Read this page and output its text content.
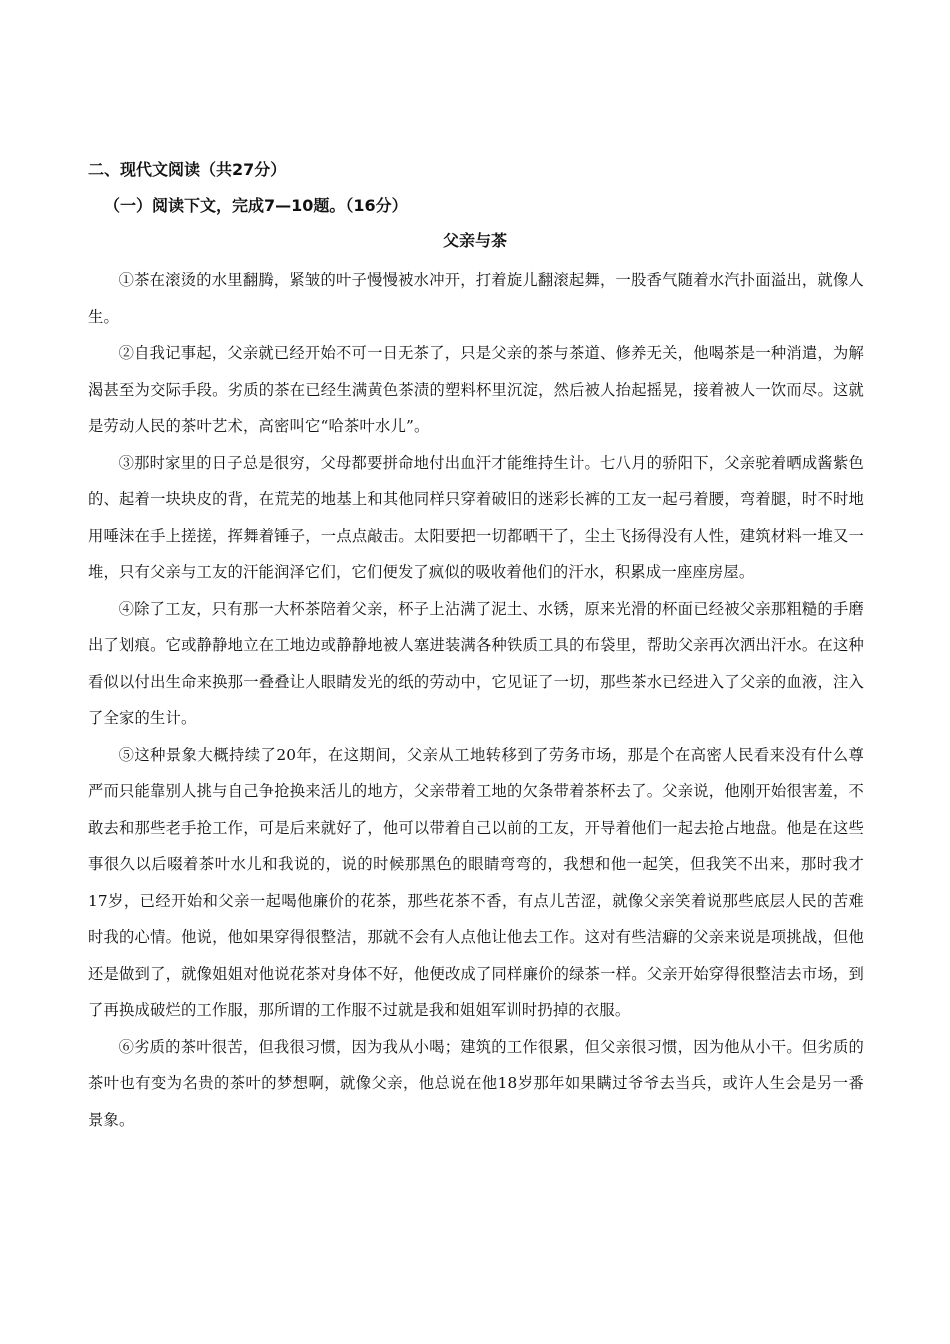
二、现代文阅读（共27分）
（一）阅读下文，完成7—10题。（16分）
父亲与茶

①茶在滚烫的水里翻腾，紧皱的叶子慢慢被水冲开，打着旋儿翻滚起舞，一股香气随着水汽扑面溢出，就像人生。

②自我记事起，父亲就已经开始不可一日无茶了，只是父亲的茶与茶道、修养无关，他喝茶是一种消遣，为解渴甚至为交际手段。劣质的茶在已经生满黄色茶渍的塑料杯里沉淀，然后被人抬起摇晃，接着被人一饮而尽。这就是劳动人民的茶叶艺术，高密叫它“哈茶叶水儿”。

③那时家里的日子总是很穷，父母都要拼命地付出血汗才能维持生计。七八月的骄阳下，父亲驼着晒成酱紫色的、起着一块块皮的背，在荒芜的地基上和其他同样只穿着破旧的迷彩长裤的工友一起弓着腰，弯着腿，时不时地用唾沫在手上搓搓，挥舞着锤子，一点点敲击。太阳要把一切都晒干了，尘土飞扬得没有人性，建筑材料一堆又一堆，只有父亲与工友的汗能润泽它们，它们便发了疯似的吸收着他们的汗水，积累成一座座房屋。

④除了工友，只有那一大杯茶陪着父亲，杯子上沾满了泥土、水锈，原来光滑的杯面已经被父亲那粗糙的手磨出了划痕。它或静静地立在工地边或静静地被人塞进装满各种铁质工具的布袋里，帮助父亲再次洒出汗水。在这种看似以付出生命来换那一叠叠让人眼睛发光的纸的劳动中，它见证了一切，那些茶水已经进入了父亲的血液，注入了全家的生计。

⑤这种景象大概持续了20年，在这期间，父亲从工地转移到了劳务市场，那是个在高密人民看来没有什么尊严而只能靠别人挑与自己争抢换来活儿的地方，父亲带着工地的欠条带着茶杯去了。父亲说，他刚开始很害羞，不敢去和那些老手抢工作，可是后来就好了，他可以带着自己以前的工友，开导着他们一起去抢占地盘。他是在这些事很久以后啜着茶叶水儿和我说的，说的时候那黑色的眼睛弯弯的，我想和他一起笑，但我笑不出来，那时我才17岁，已经开始和父亲一起喝他廉价的花茶，那些花茶不香，有点儿苦涩，就像父亲笑着说那些底层人民的苦难时我的心情。他说，他如果穿得很整洁，那就不会有人点他让他去工作。这对有些洁癖的父亲来说是项挑战，但他还是做到了，就像姐姐对他说花茶对身体不好，他便改成了同样廉价的绿茶一样。父亲开始穿得很整洁去市场，到了再换成破烂的工作服，那所谓的工作服不过就是我和姐姐军训时扔掉的衣服。

⑥劣质的茶叶很苦，但我很习惯，因为我从小喝；建筑的工作很累，但父亲很习惯，因为他从小干。但劣质的茶叶也有变为名贵的茶叶的梦想啊，就像父亲，他总说在他18岁那年如果瞒过爷爷去当兵，或许人生会是另一番景象。
